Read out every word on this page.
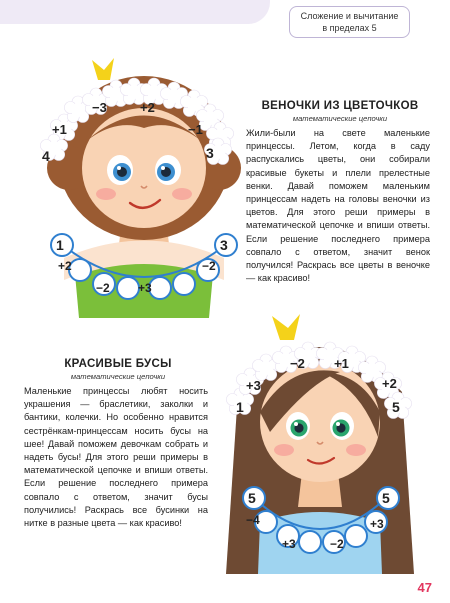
Сложение и вычитание
в пределах 5
+1
−3	+2
−1
4	3
1	3
+2
−2 +3
−2
ВЕНОЧКИ ИЗ ЦВЕТОЧКОВ
математические цепочки
Жили-были на свете маленькие принцессы. Летом, когда в саду распускались цветы, они собирали красивые букеты и плели прелестные венки. Давай поможем маленьким принцессам надеть на головы веночки из цветов. Для этого реши примеры в математической цепочке и впиши ответы. Если решение последнего примера совпало с ответом, значит венок получился! Раскрась все цветы в веночке — как красиво!
КРАСИВЫЕ БУСЫ
математические цепочки
Маленькие принцессы любят носить украшения — браслетики, заколки и бантики, колечки. Но особенно нравится сестрёнкам-принцессам носить бусы на шее! Давай поможем девочкам собрать и надеть бусы! Для этого реши примеры в математической цепочке и впиши ответы. Если решение последнего примера совпало с ответом, значит бусы получились! Раскрась все бусинки на нитке в разные цвета — как красиво!
+3
−2 +1
+2
1	5
5	5
−4
+3	−2
+3
47
